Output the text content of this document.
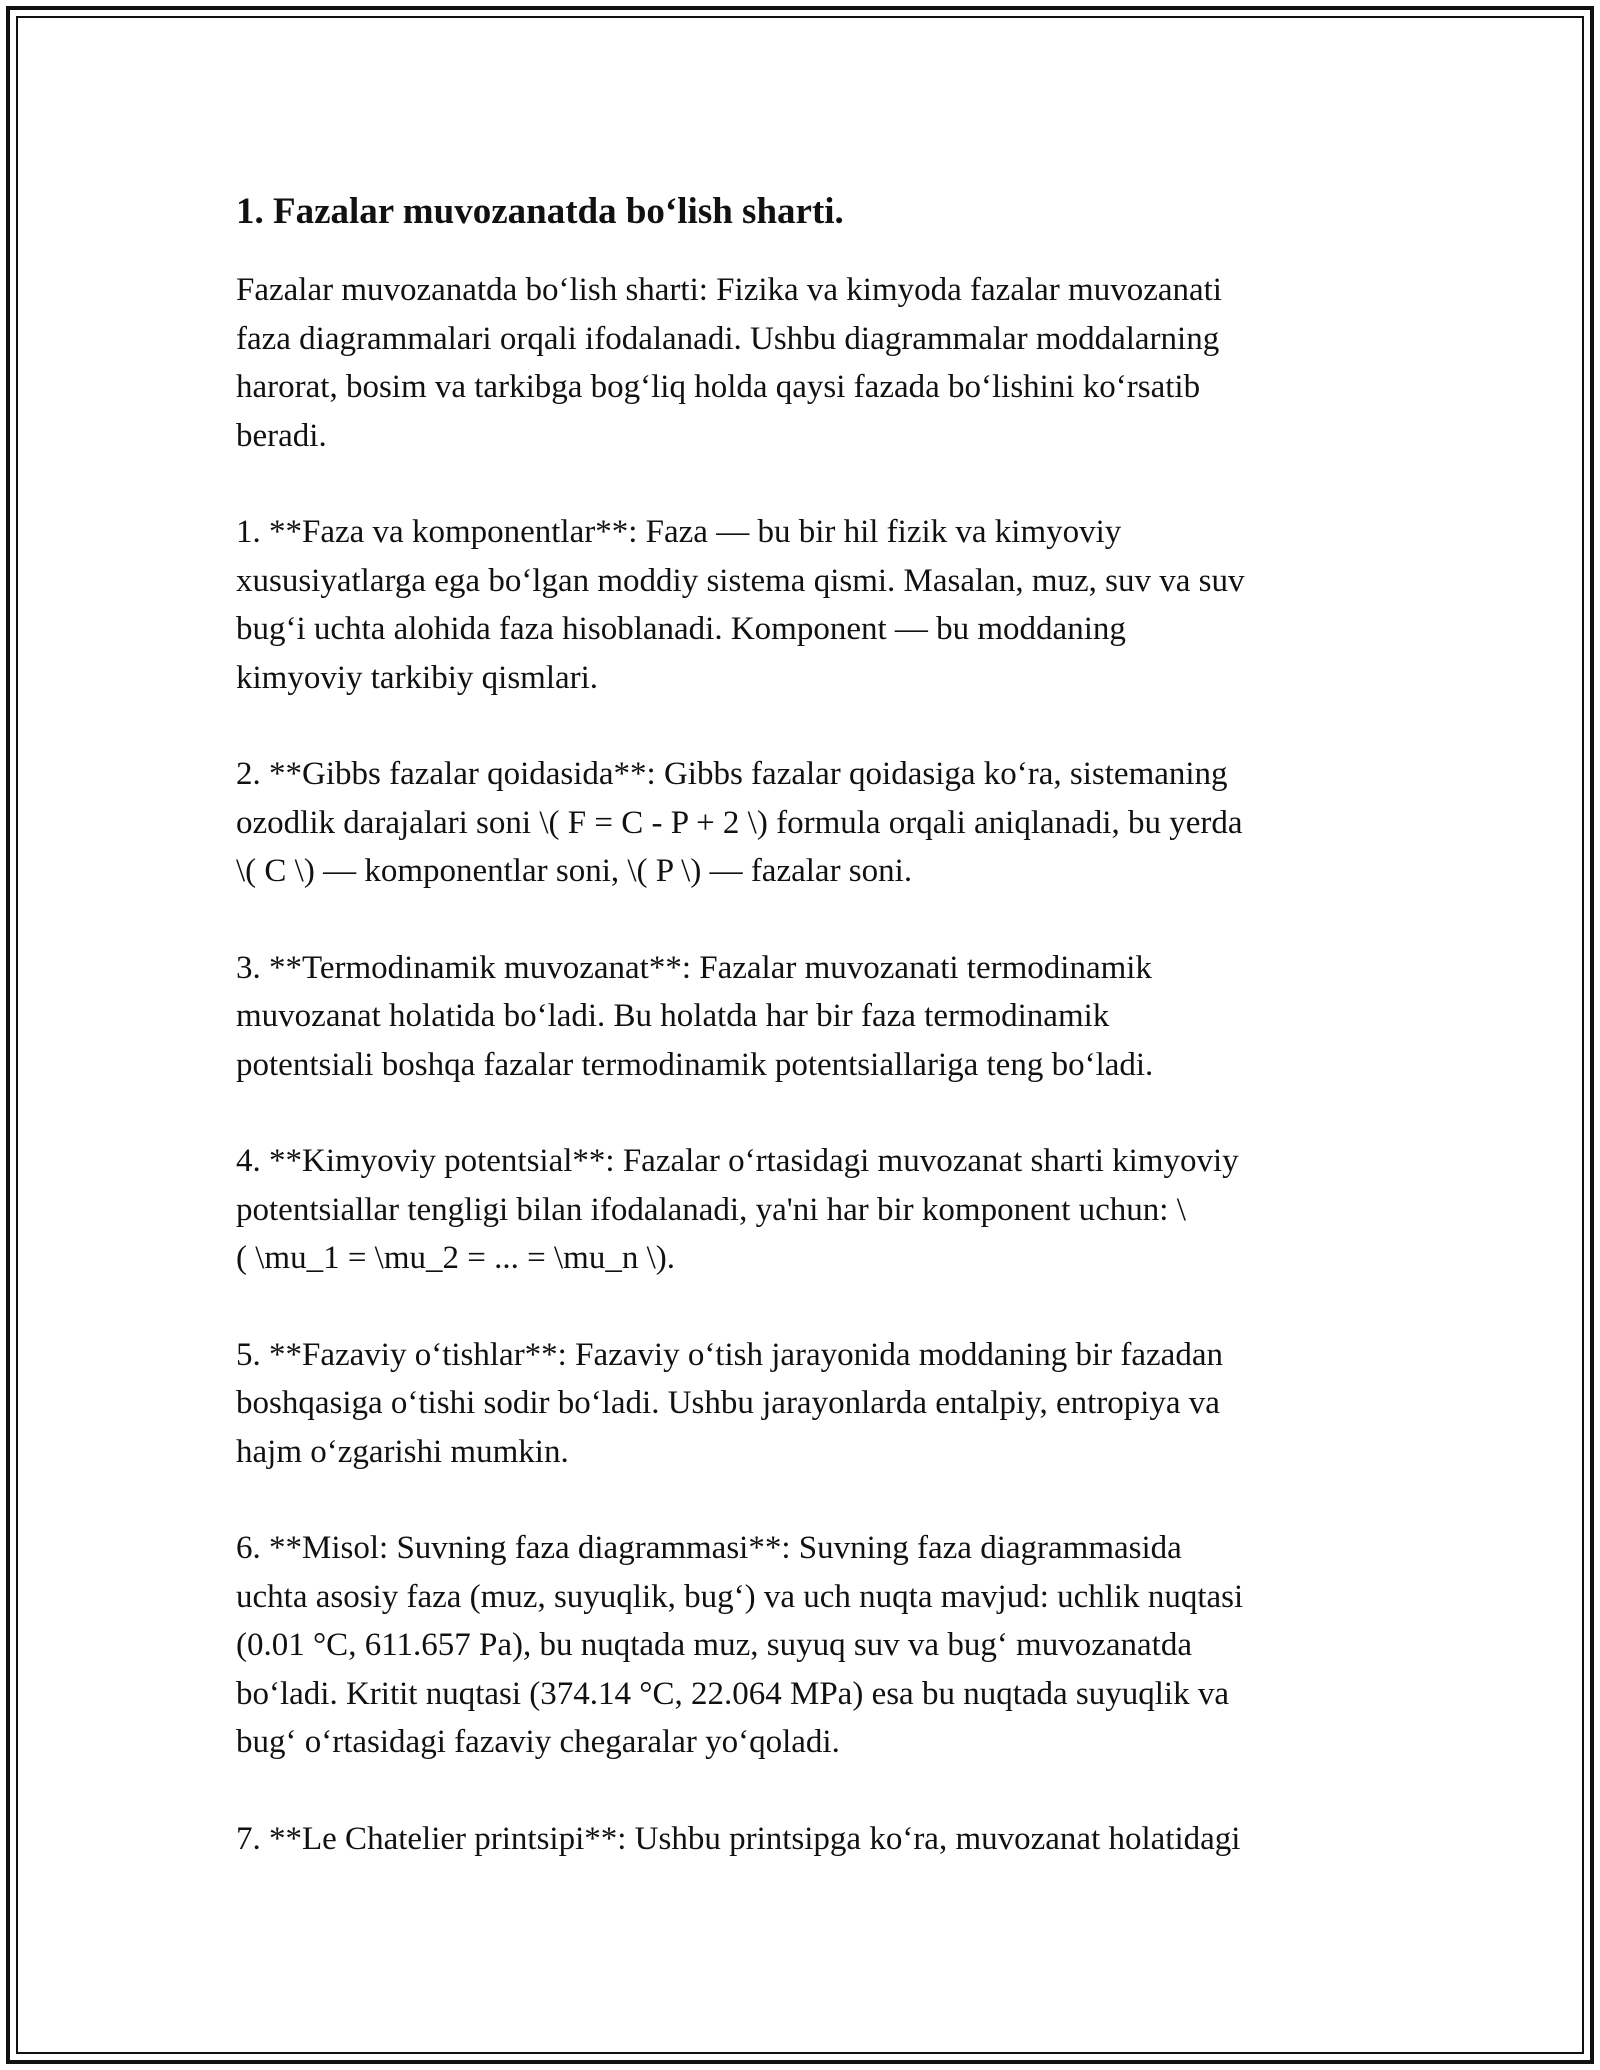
1. Fazalar muvozanatda bo‘lish sharti.

Fazalar muvozanatda bo‘lish sharti: Fizika va kimyoda fazalar muvozanati
faza diagrammalari orqali ifodalanadi. Ushbu diagrammalar moddalarning
harorat, bosim va tarkibga bog‘liq holda qaysi fazada bo‘lishini ko‘rsatib
beradi.

1. **Faza va komponentlar**: Faza — bu bir hil fizik va kimyoviy
xususiyatlarga ega bo‘lgan moddiy sistema qismi. Masalan, muz, suv va suv
bug‘i uchta alohida faza hisoblanadi. Komponent — bu moddaning
kimyoviy tarkibiy qismlari.

2. **Gibbs fazalar qoidasida**: Gibbs fazalar qoidasiga ko‘ra, sistemaning
ozodlik darajalari soni \( F = C - P + 2 \) formula orqali aniqlanadi, bu yerda
\( C \) — komponentlar soni, \( P \) — fazalar soni.

3. **Termodinamik muvozanat**: Fazalar muvozanati termodinamik
muvozanat holatida bo‘ladi. Bu holatda har bir faza termodinamik
potentsiali boshqa fazalar termodinamik potentsiallariga teng bo‘ladi.

4. **Kimyoviy potentsial**: Fazalar o‘rtasidagi muvozanat sharti kimyoviy
potentsiallar tengligi bilan ifodalanadi, ya'ni har bir komponent uchun: \
( \mu_1 = \mu_2 = ... = \mu_n \).

5. **Fazaviy o‘tishlar**: Fazaviy o‘tish jarayonida moddaning bir fazadan
boshqasiga o‘tishi sodir bo‘ladi. Ushbu jarayonlarda entalpiy, entropiya va
hajm o‘zgarishi mumkin.

6. **Misol: Suvning faza diagrammasi**: Suvning faza diagrammasida
uchta asosiy faza (muz, suyuqlik, bug‘) va uch nuqta mavjud: uchlik nuqtasi
(0.01 °C, 611.657 Pa), bu nuqtada muz, suyuq suv va bug‘ muvozanatda
bo‘ladi. Kritit nuqtasi (374.14 °C, 22.064 MPa) esa bu nuqtada suyuqlik va
bug‘ o‘rtasidagi fazaviy chegaralar yo‘qoladi.

7. **Le Chatelier printsipi**: Ushbu printsipga ko‘ra, muvozanat holatidagi
